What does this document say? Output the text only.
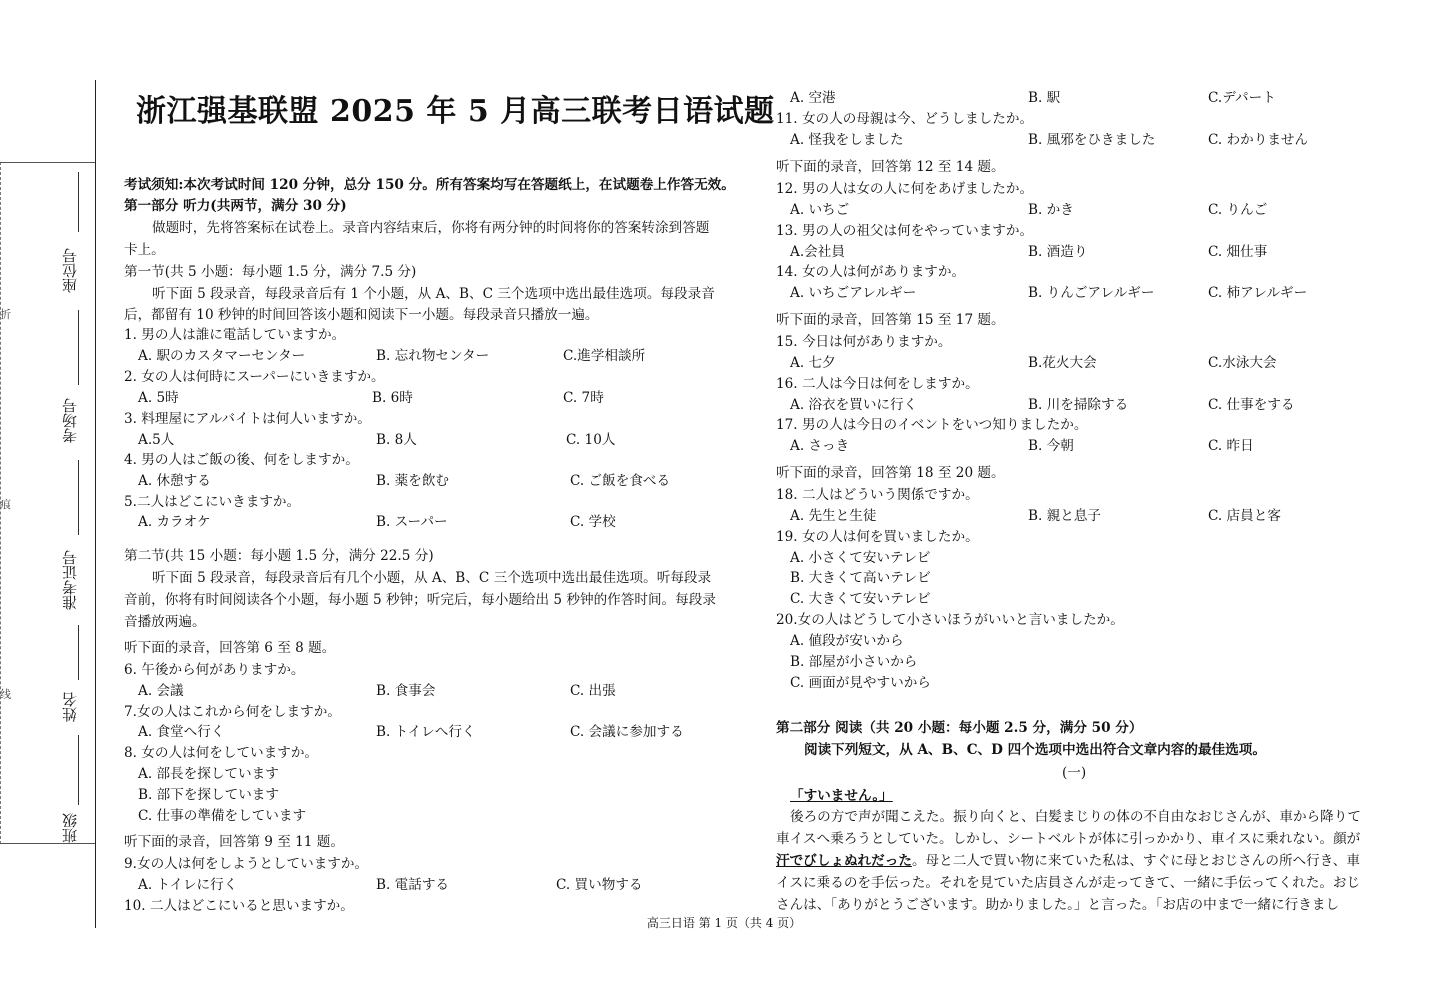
折
痕
线
座位号
考场号
准考证号
姓名
班级
浙江强基联盟 2025 年 5 月高三联考日语试题
考试须知:本次考试时间 120 分钟，总分 150 分。所有答案均写在答题纸上，在试题卷上作答无效。
第一部分 听力(共两节，满分 30 分)
做题时，先将答案标在试卷上。录音内容结束后，你将有两分钟的时间将你的答案转涂到答题
卡上。
第一节(共 5 小题：每小题 1.5 分，满分 7.5 分)
听下面 5 段录音，每段录音后有 1 个小题，从 A、B、C 三个选项中选出最佳选项。每段录音
后，都留有 10 秒钟的时间回答该小题和阅读下一小题。每段录音只播放一遍。
1. 男の人は誰に電話していますか。
A. 駅のカスタマーセンター	B. 忘れ物センター	C.進学相談所
2. 女の人は何時にスーパーにいきますか。
A. 5時	B. 6時	C. 7時
3. 料理屋にアルバイトは何人いますか。
A.5人	B. 8人	C. 10人
4. 男の人はご飯の後、何をしますか。
A. 休憩する	B. 薬を飲む	C. ご飯を食べる
5.二人はどこにいきますか。
A. カラオケ	B. スーパー	C. 学校
第二节(共 15 小题：每小题 1.5 分，满分 22.5 分)
听下面 5 段录音，每段录音后有几个小题，从 A、B、C 三个选项中选出最佳选项。听每段录
音前，你将有时间阅读各个小题，每小题 5 秒钟；听完后，每小题给出 5 秒钟的作答时间。每段录
音播放两遍。
听下面的录音，回答第 6 至 8 题。
6. 午後から何がありますか。
A. 会議	B. 食事会	C. 出張
7.女の人はこれから何をしますか。
A. 食堂へ行く	B. トイレへ行く	C. 会議に参加する
8. 女の人は何をしていますか。
A. 部長を探しています
B. 部下を探しています
C. 仕事の準備をしています
听下面的录音，回答第 9 至 11 题。
9.女の人は何をしようとしていますか。
A. トイレに行く	B. 電話する	C. 買い物する
10. 二人はどこにいると思いますか。
A. 空港	B. 駅	C.デパート
11. 女の人の母親は今、どうしましたか。
A. 怪我をしました	B. 風邪をひきました	C. わかりません
听下面的录音，回答第 12 至 14 题。
12. 男の人は女の人に何をあげましたか。
A. いちご	B. かき	C. りんご
13. 男の人の祖父は何をやっていますか。
A.会社員	B. 酒造り	C. 畑仕事
14. 女の人は何がありますか。
A. いちごアレルギー	B. りんごアレルギー	C. 柿アレルギー
听下面的录音，回答第 15 至 17 题。
15. 今日は何がありますか。
A. 七夕	B.花火大会	C.水泳大会
16. 二人は今日は何をしますか。
A. 浴衣を買いに行く	B. 川を掃除する	C. 仕事をする
17. 男の人は今日のイベントをいつ知りましたか。
A. さっき	B. 今朝	C. 昨日
听下面的录音，回答第 18 至 20 题。
18. 二人はどういう関係ですか。
A. 先生と生徒	B. 親と息子	C. 店員と客
19. 女の人は何を買いましたか。
A. 小さくて安いテレビ
B. 大きくて高いテレビ
C. 大きくて安いテレビ
20.女の人はどうして小さいほうがいいと言いましたか。
A. 値段が安いから
B. 部屋が小さいから
C. 画面が見やすいから
第二部分 阅读（共 20 小题：每小题 2.5 分，满分 50 分）
阅读下列短文，从 A、B、C、D 四个选项中选出符合文章内容的最佳选项。
(一)
「すいません。」
後ろの方で声が聞こえた。振り向くと、白髪まじりの体の不自由なおじさんが、車から降りて
車イスへ乗ろうとしていた。しかし、シートベルトが体に引っかかり、車イスに乗れない。顔が
汗でびしょぬれだった。母と二人で買い物に来ていた私は、すぐに母とおじさんの所へ行き、車
イスに乗るのを手伝った。それを見ていた店員さんが走ってきて、一緒に手伝ってくれた。おじ
さんは、「ありがとうございます。助かりました。」と言った。「お店の中まで一緒に行きまし
高三日语 第 1 页（共 4 页）
